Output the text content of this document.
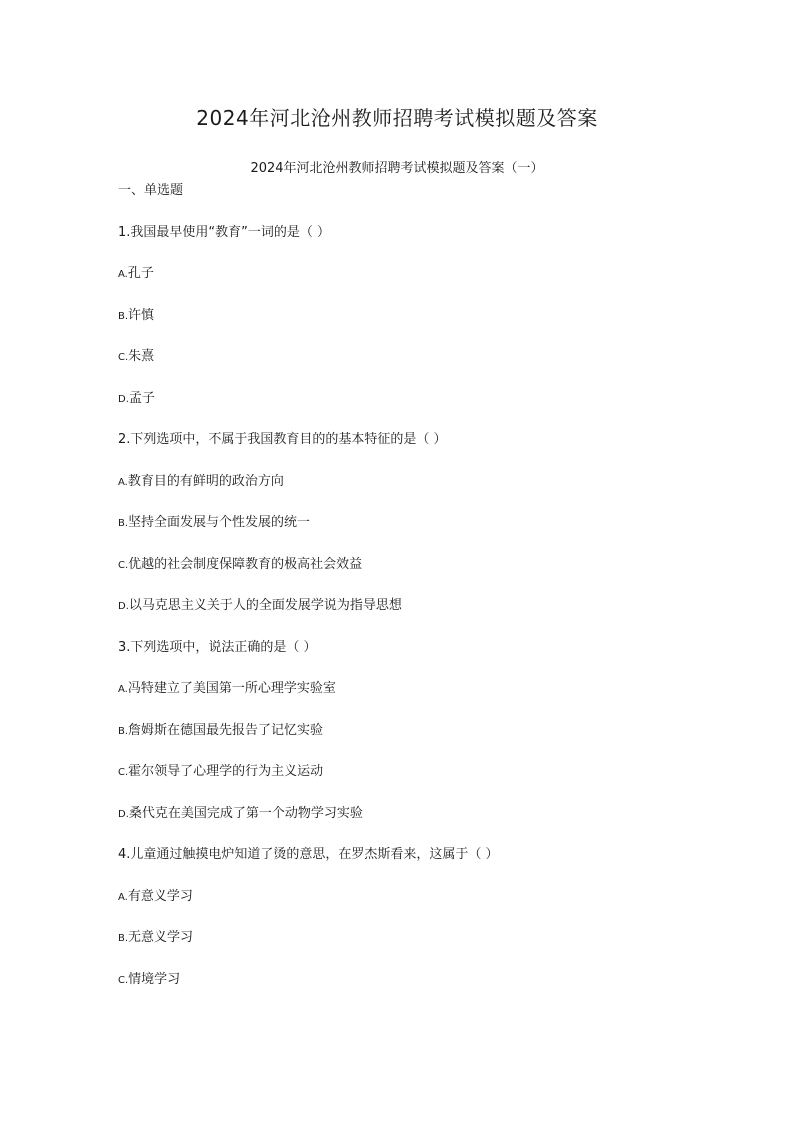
2024年河北沧州教师招聘考试模拟题及答案
2024年河北沧州教师招聘考试模拟题及答案（一）
一、单选题
1.我国最早使用“教育”一词的是（ ）
A.孔子
B.许慎
C.朱熹
D.孟子
2.下列选项中，不属于我国教育目的的基本特征的是（ ）
A.教育目的有鲜明的政治方向
B.坚持全面发展与个性发展的统一
C.优越的社会制度保障教育的极高社会效益
D.以马克思主义关于人的全面发展学说为指导思想
3.下列选项中，说法正确的是（ ）
A.冯特建立了美国第一所心理学实验室
B.詹姆斯在德国最先报告了记忆实验
C.霍尔领导了心理学的行为主义运动
D.桑代克在美国完成了第一个动物学习实验
4.儿童通过触摸电炉知道了烫的意思，在罗杰斯看来，这属于（ ）
A.有意义学习
B.无意义学习
C.情境学习
